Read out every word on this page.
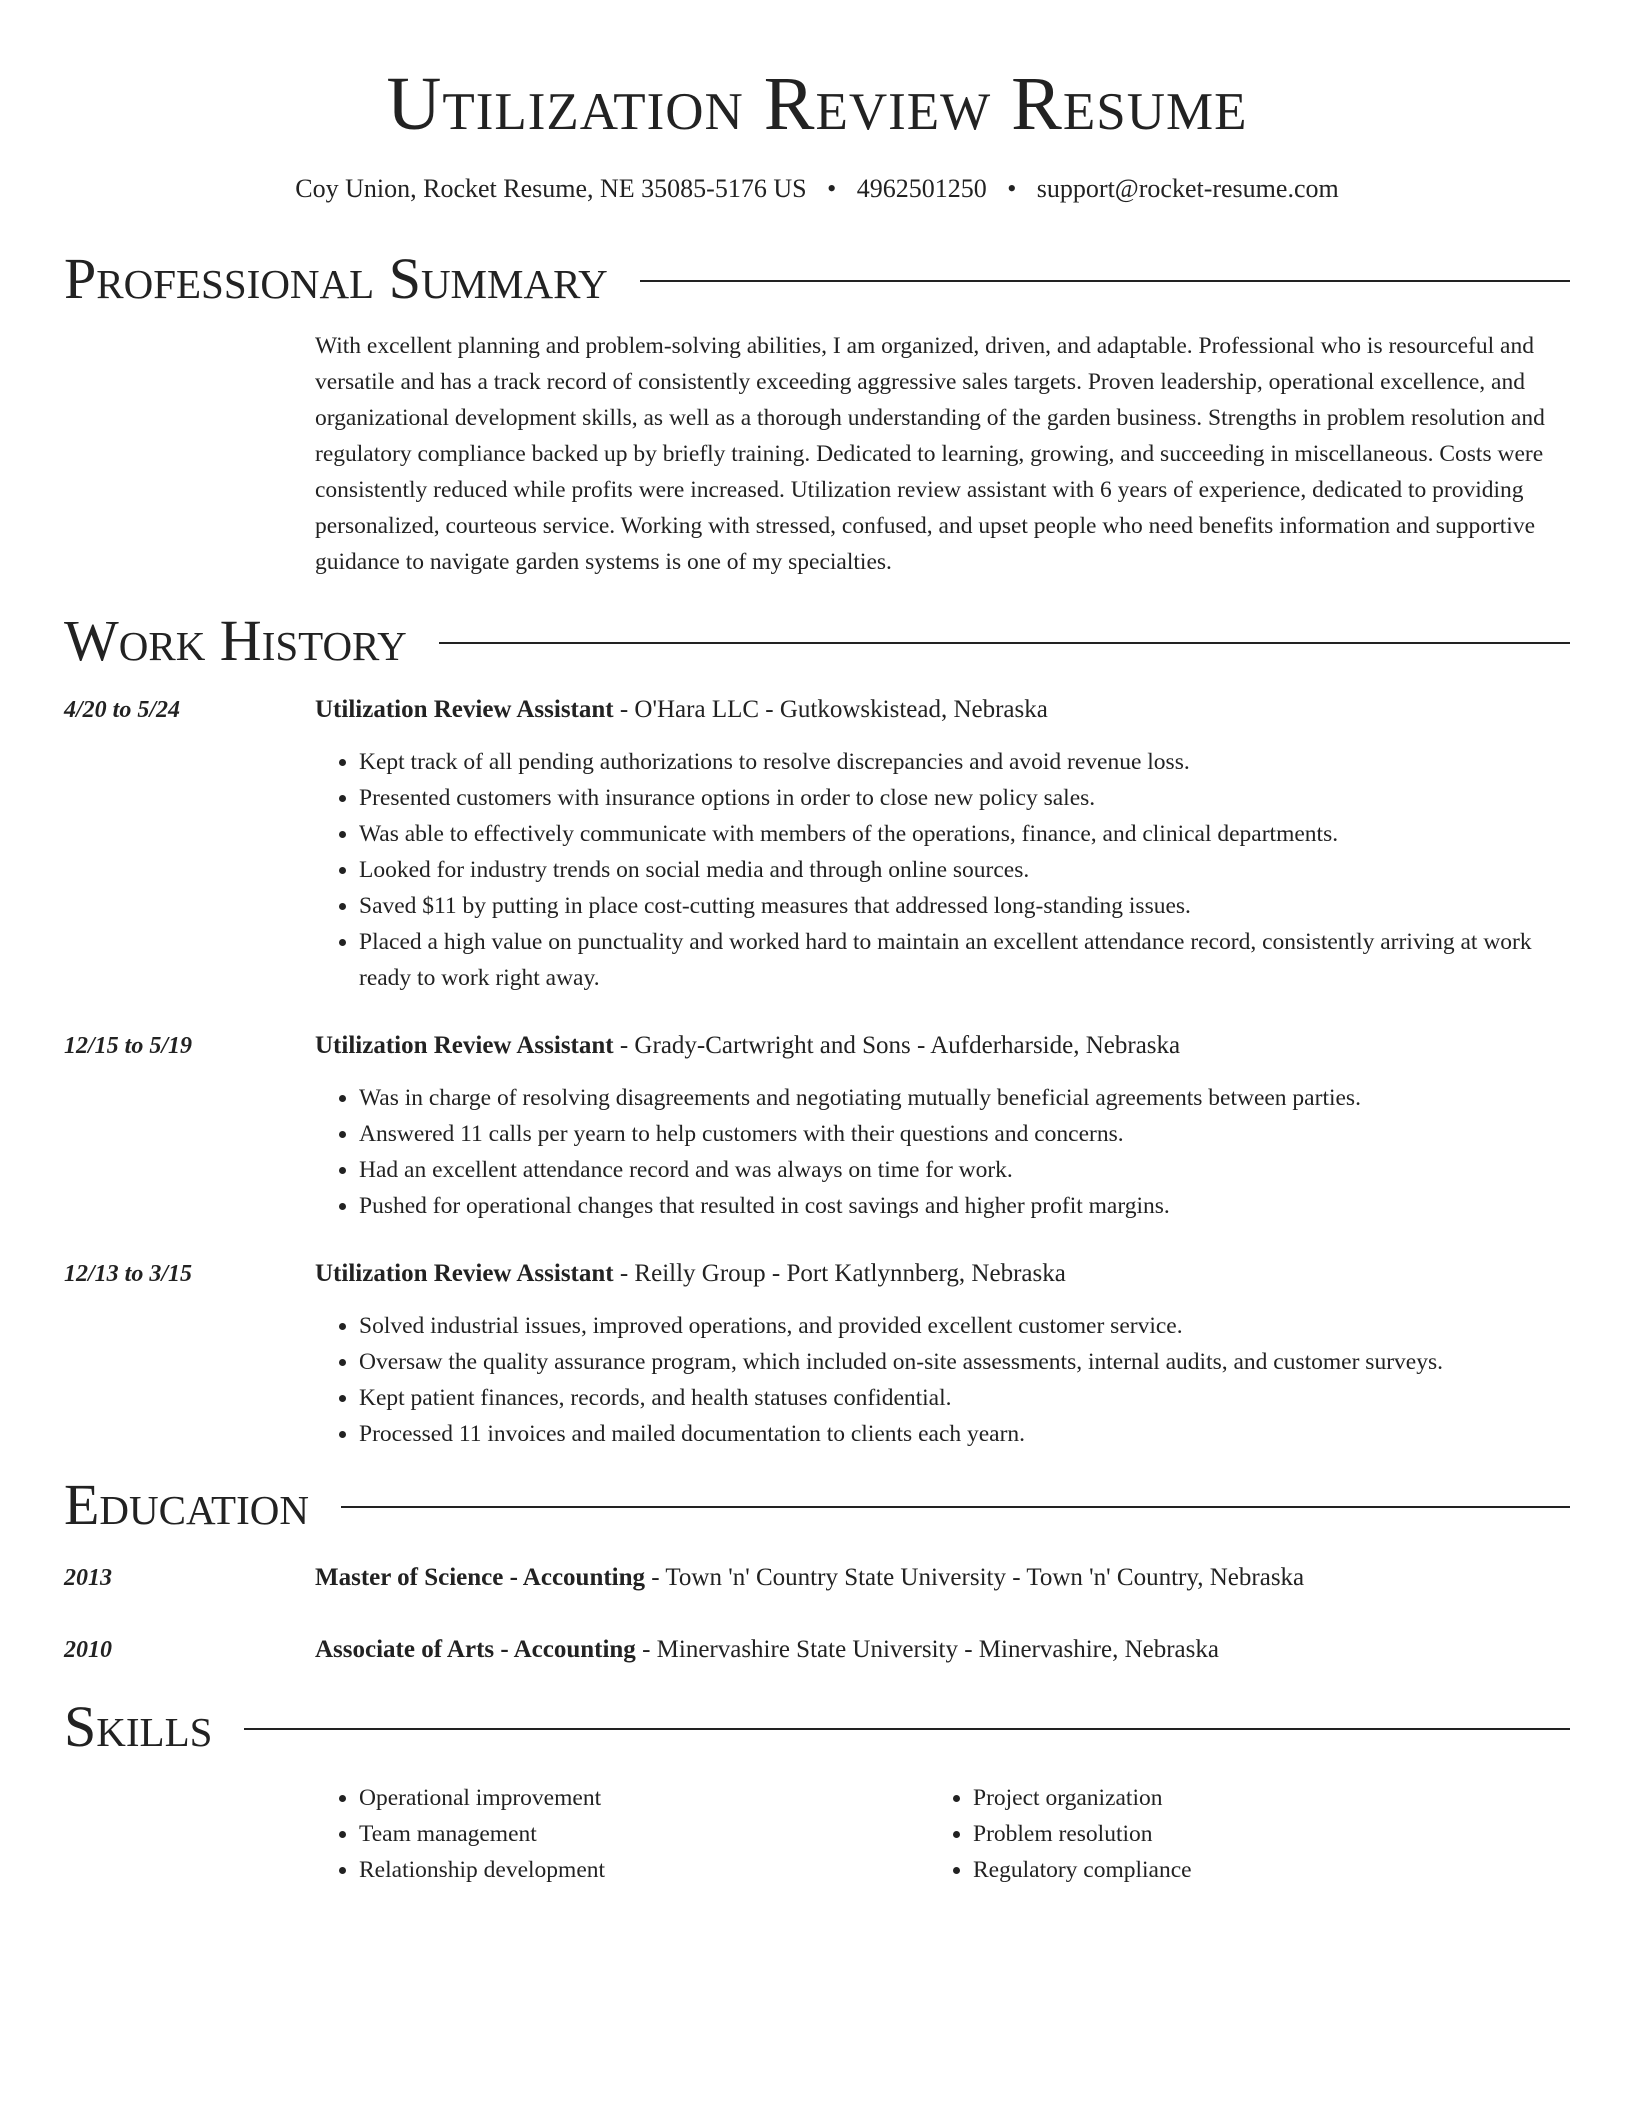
Utilization Review Resume
Coy Union, Rocket Resume, NE 35085-5176 US • 4962501250 • support@rocket-resume.com
Professional Summary

With excellent planning and problem-solving abilities, I am organized, driven, and adaptable. Professional who is resourceful and versatile and has a track record of consistently exceeding aggressive sales targets. Proven leadership, operational excellence, and organizational development skills, as well as a thorough understanding of the garden business. Strengths in problem resolution and regulatory compliance backed up by briefly training. Dedicated to learning, growing, and succeeding in miscellaneous. Costs were consistently reduced while profits were increased. Utilization review assistant with 6 years of experience, dedicated to providing personalized, courteous service. Working with stressed, confused, and upset people who need benefits information and supportive guidance to navigate garden systems is one of my specialties.

Work History
4/20 to 5/24	Utilization Review Assistant - O'Hara LLC - Gutkowskistead, Nebraska
• Kept track of all pending authorizations to resolve discrepancies and avoid revenue loss.
• Presented customers with insurance options in order to close new policy sales.
• Was able to effectively communicate with members of the operations, finance, and clinical departments.
• Looked for industry trends on social media and through online sources.
• Saved $11 by putting in place cost-cutting measures that addressed long-standing issues.
• Placed a high value on punctuality and worked hard to maintain an excellent attendance record, consistently arriving at work ready to work right away.
12/15 to 5/19	Utilization Review Assistant - Grady-Cartwright and Sons - Aufderharside, Nebraska
• Was in charge of resolving disagreements and negotiating mutually beneficial agreements between parties.
• Answered 11 calls per yearn to help customers with their questions and concerns.
• Had an excellent attendance record and was always on time for work.
• Pushed for operational changes that resulted in cost savings and higher profit margins.
12/13 to 3/15	Utilization Review Assistant - Reilly Group - Port Katlynnberg, Nebraska
• Solved industrial issues, improved operations, and provided excellent customer service.
• Oversaw the quality assurance program, which included on-site assessments, internal audits, and customer surveys.
• Kept patient finances, records, and health statuses confidential.
• Processed 11 invoices and mailed documentation to clients each yearn.
Education
2013	Master of Science - Accounting - Town 'n' Country State University - Town 'n' Country, Nebraska
2010	Associate of Arts - Accounting - Minervashire State University - Minervashire, Nebraska
Skills
• Operational improvement
• Team management
• Relationship development
• Project organization
• Problem resolution
• Regulatory compliance
